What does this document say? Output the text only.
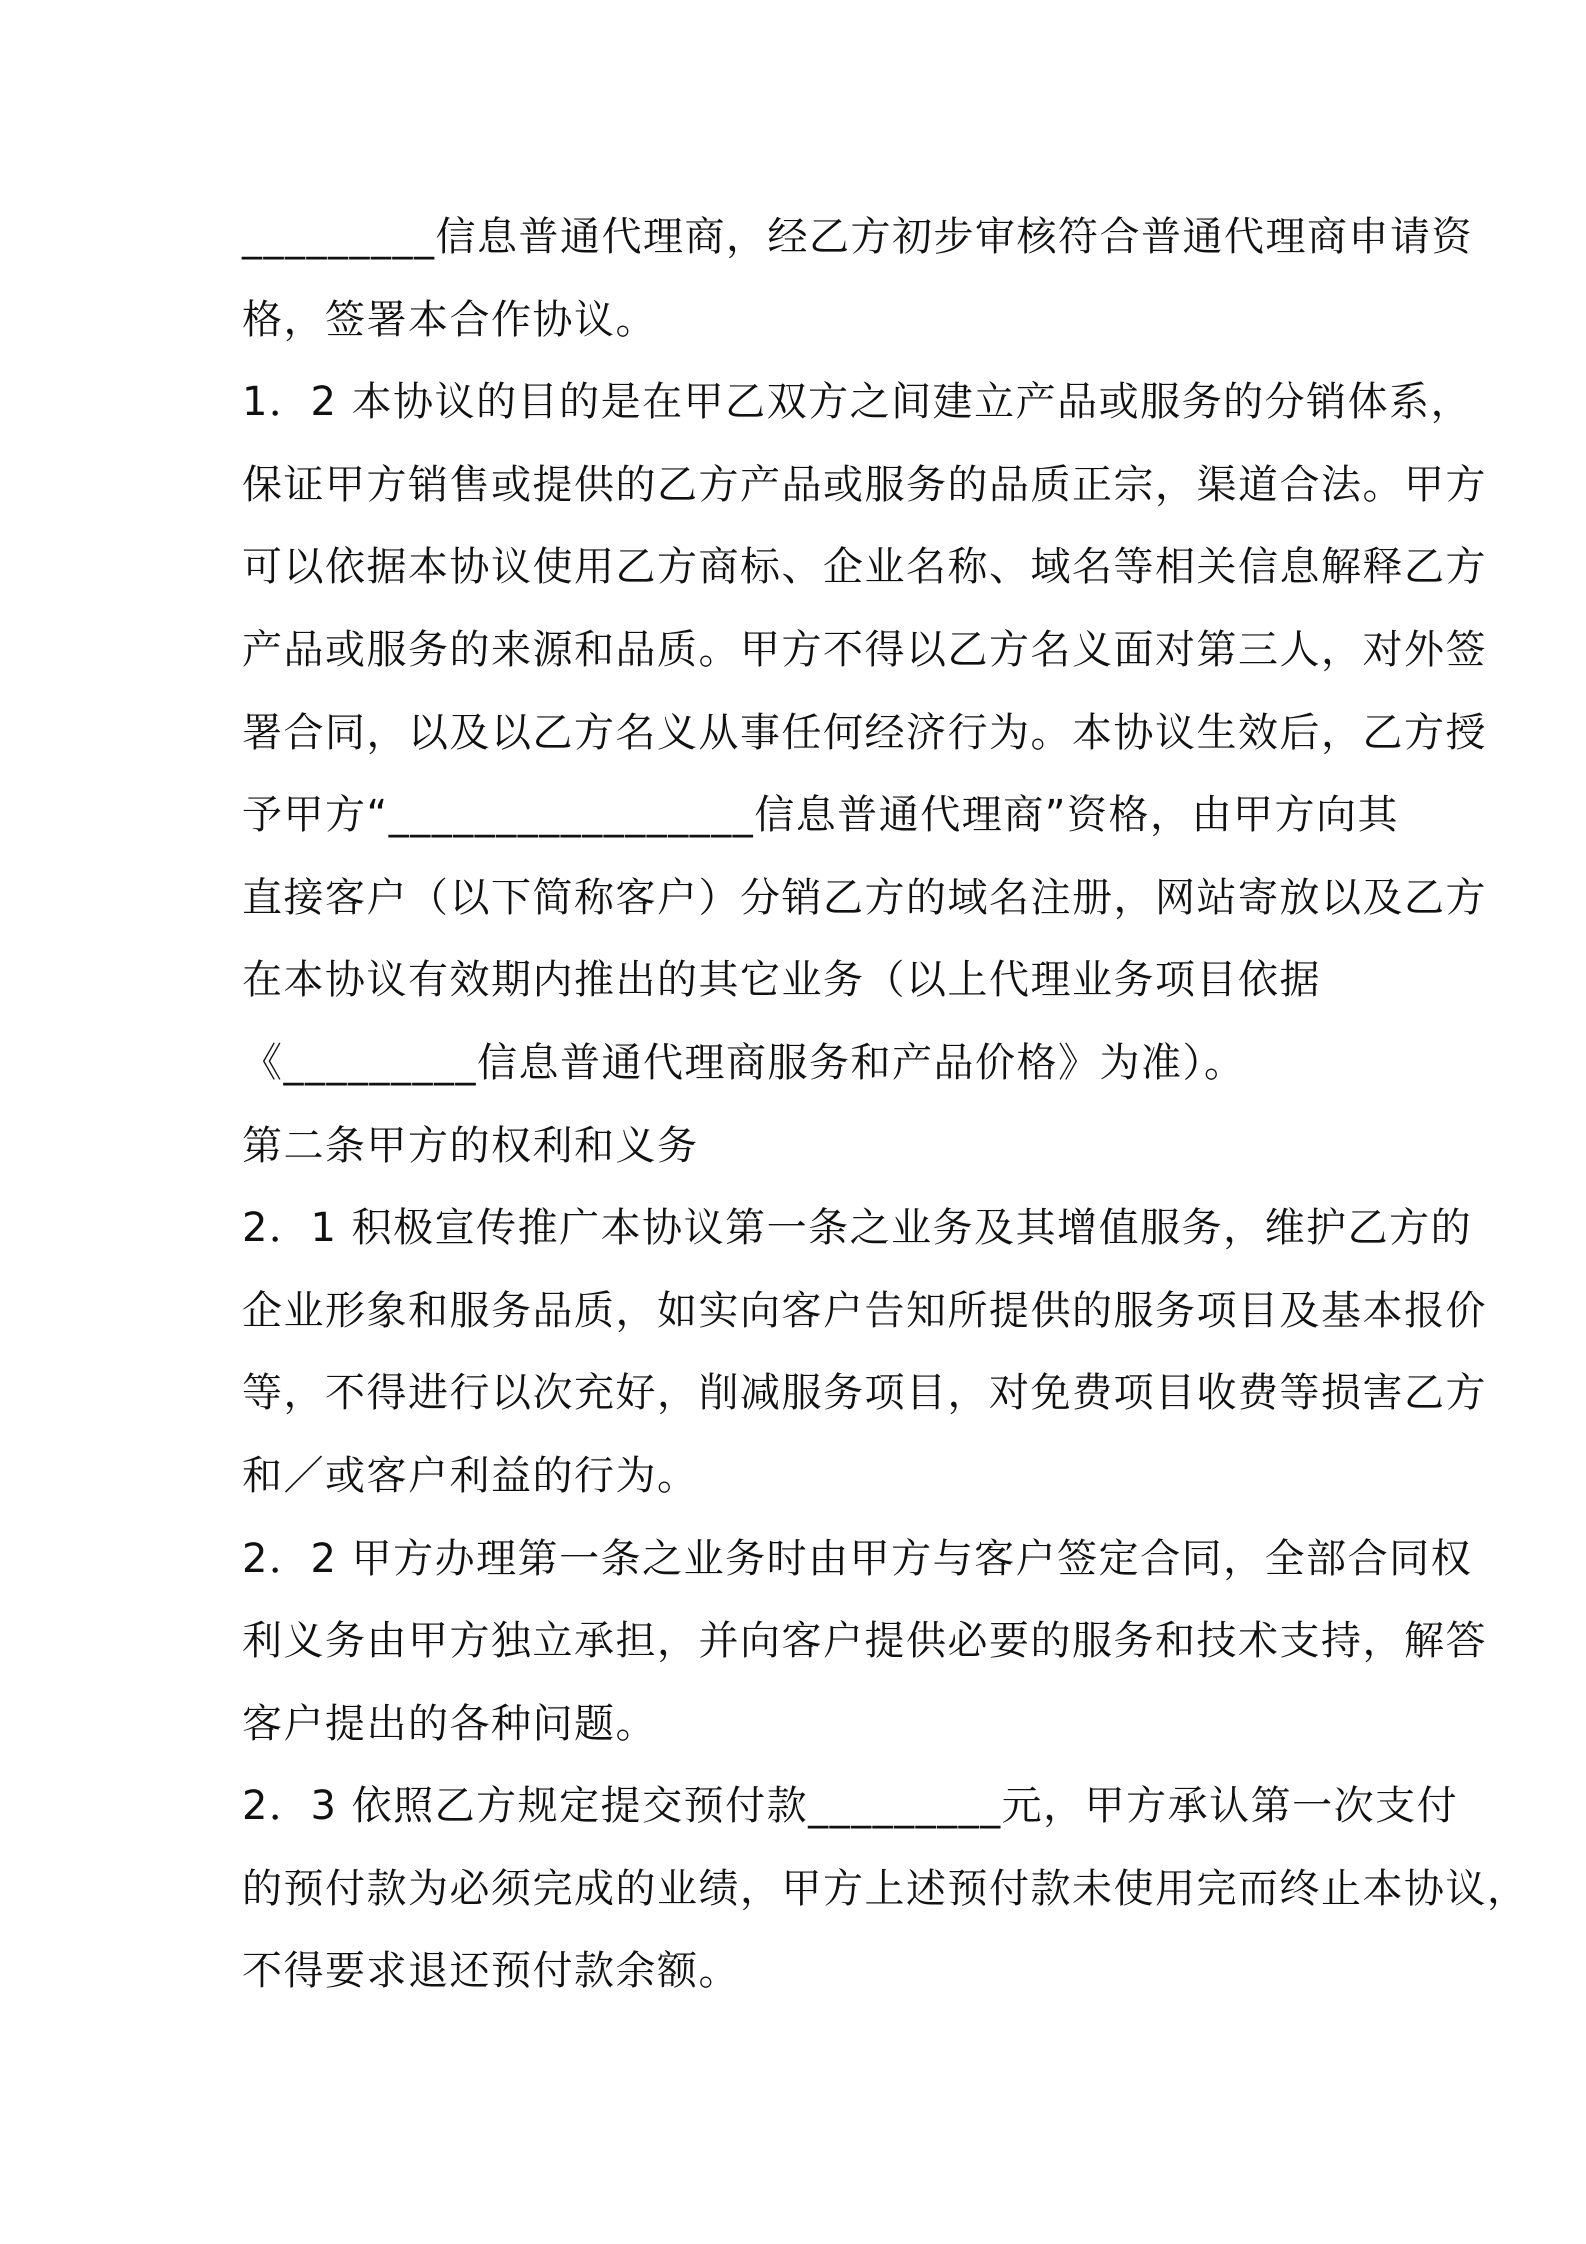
_________信息普通代理商，经乙方初步审核符合普通代理商申请资
格，签署本合作协议。
1．2 本协议的目的是在甲乙双方之间建立产品或服务的分销体系，
保证甲方销售或提供的乙方产品或服务的品质正宗，渠道合法。甲方
可以依据本协议使用乙方商标、企业名称、域名等相关信息解释乙方
产品或服务的来源和品质。甲方不得以乙方名义面对第三人，对外签
署合同，以及以乙方名义从事任何经济行为。本协议生效后，乙方授
予甲方“_________________信息普通代理商”资格，由甲方向其
直接客户（以下简称客户）分销乙方的域名注册，网站寄放以及乙方
在本协议有效期内推出的其它业务（以上代理业务项目依据
《_________信息普通代理商服务和产品价格》为准）。
第二条甲方的权利和义务
2．1 积极宣传推广本协议第一条之业务及其增值服务，维护乙方的
企业形象和服务品质，如实向客户告知所提供的服务项目及基本报价
等，不得进行以次充好，削减服务项目，对免费项目收费等损害乙方
和／或客户利益的行为。
2．2 甲方办理第一条之业务时由甲方与客户签定合同，全部合同权
利义务由甲方独立承担，并向客户提供必要的服务和技术支持，解答
客户提出的各种问题。
2．3 依照乙方规定提交预付款_________元，甲方承认第一次支付
的预付款为必须完成的业绩，甲方上述预付款未使用完而终止本协议，
不得要求退还预付款余额。
